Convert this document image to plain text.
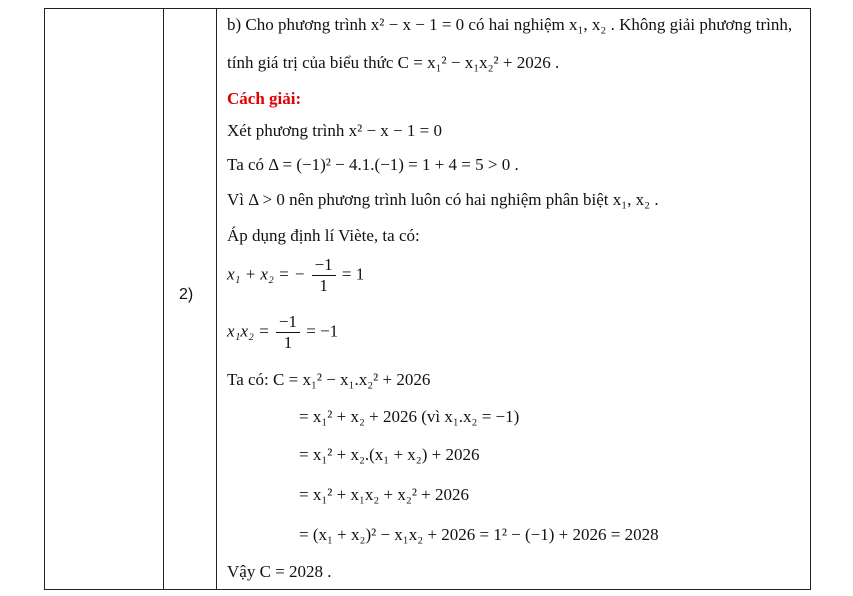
2)
b) Cho phương trình x² − x − 1 = 0 có hai nghiệm x₁, x₂ . Không giải phương trình,
tính giá trị của biểu thức C = x₁² − x₁x₂² + 2026 .
Cách giải:
Xét phương trình x² − x − 1 = 0
Ta có Δ = (−1)² − 4.1.(−1) = 1 + 4 = 5 > 0 .
Vì Δ > 0 nên phương trình luôn có hai nghiệm phân biệt x₁, x₂ .
Áp dụng định lí Viète, ta có:
x₁ + x₂ = − $\frac{-1}{1} = 1$
$x_1x_2 = \frac{-1}{1} = -1$
Ta có: C = x₁² − x₁.x₂² + 2026
= x₁² + x₂ + 2026 (vì x₁.x₂ = −1)
= x₁² + x₂.(x₁ + x₂) + 2026
= x₁² + x₁x₂ + x₂² + 2026
= (x₁ + x₂)² − x₁x₂ + 2026 = 1² − (−1) + 2026 = 2028
Vậy C = 2028 .
